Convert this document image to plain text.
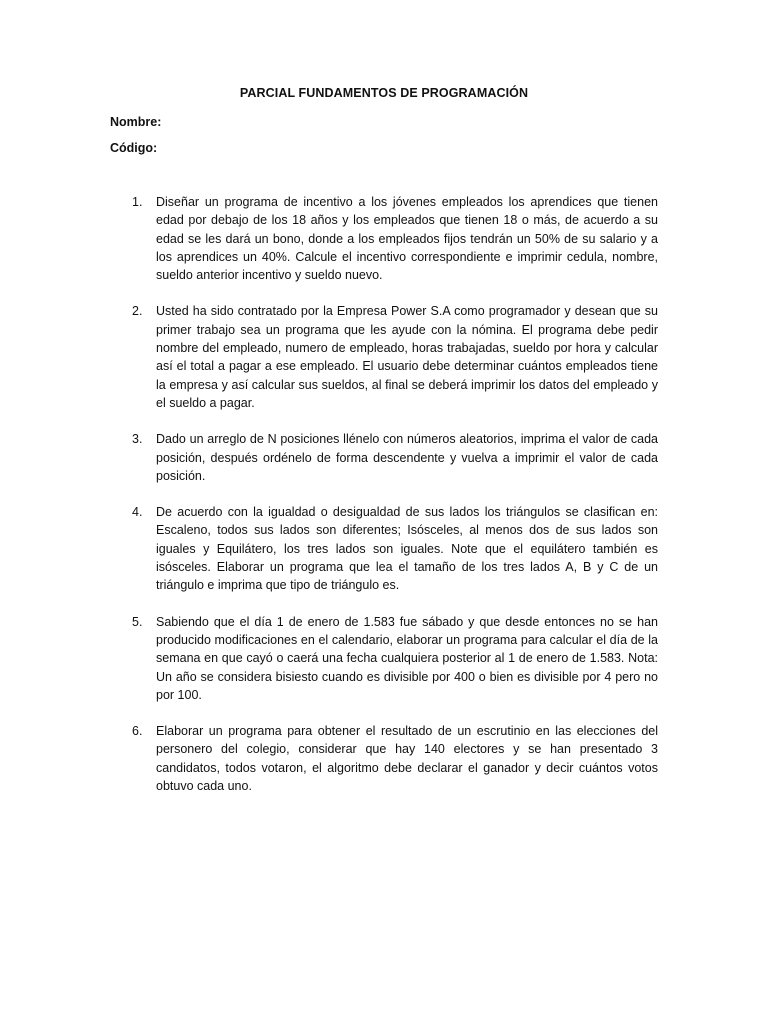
PARCIAL FUNDAMENTOS DE PROGRAMACIÓN
Nombre:
Código:
1.	Diseñar un programa de incentivo a los jóvenes empleados los aprendices que tienen edad por debajo de los 18 años y los empleados que tienen 18 o más, de acuerdo a su edad se les dará un bono, donde a los empleados fijos tendrán un 50% de su salario y a los aprendices un 40%. Calcule el incentivo correspondiente e imprimir cedula, nombre, sueldo anterior incentivo y sueldo nuevo.
2.	Usted ha sido contratado por la Empresa Power S.A como programador y desean que su primer trabajo sea un programa que les ayude con la nómina. El programa debe pedir nombre del empleado, numero de empleado, horas trabajadas, sueldo por hora y calcular así el total a pagar a ese empleado. El usuario debe determinar cuántos empleados tiene la empresa y así calcular sus sueldos, al final se deberá imprimir los datos del empleado y el sueldo a pagar.
3.	Dado un arreglo de N posiciones llénelo con números aleatorios, imprima el valor de cada posición, después ordénelo de forma descendente y vuelva a imprimir el valor de cada posición.
4.	De acuerdo con la igualdad o desigualdad de sus lados los triángulos se clasifican en: Escaleno, todos sus lados son diferentes; Isósceles, al menos dos de sus lados son iguales y Equilátero, los tres lados son iguales. Note que el equilátero también es isósceles. Elaborar un programa que lea el tamaño de los tres lados A, B y C de un triángulo e imprima que tipo de triángulo es.
5.	Sabiendo que el día 1 de enero de 1.583 fue sábado y que desde entonces no se han producido modificaciones en el calendario, elaborar un programa para calcular el día de la semana en que cayó o caerá una fecha cualquiera posterior al 1 de enero de 1.583. Nota: Un año se considera bisiesto cuando es divisible por 400 o bien es divisible por 4 pero no por 100.
6.	Elaborar un programa para obtener el resultado de un escrutinio en las elecciones del personero del colegio, considerar que hay 140 electores y se han presentado 3 candidatos, todos votaron, el algoritmo debe declarar el ganador y decir cuántos votos obtuvo cada uno.
